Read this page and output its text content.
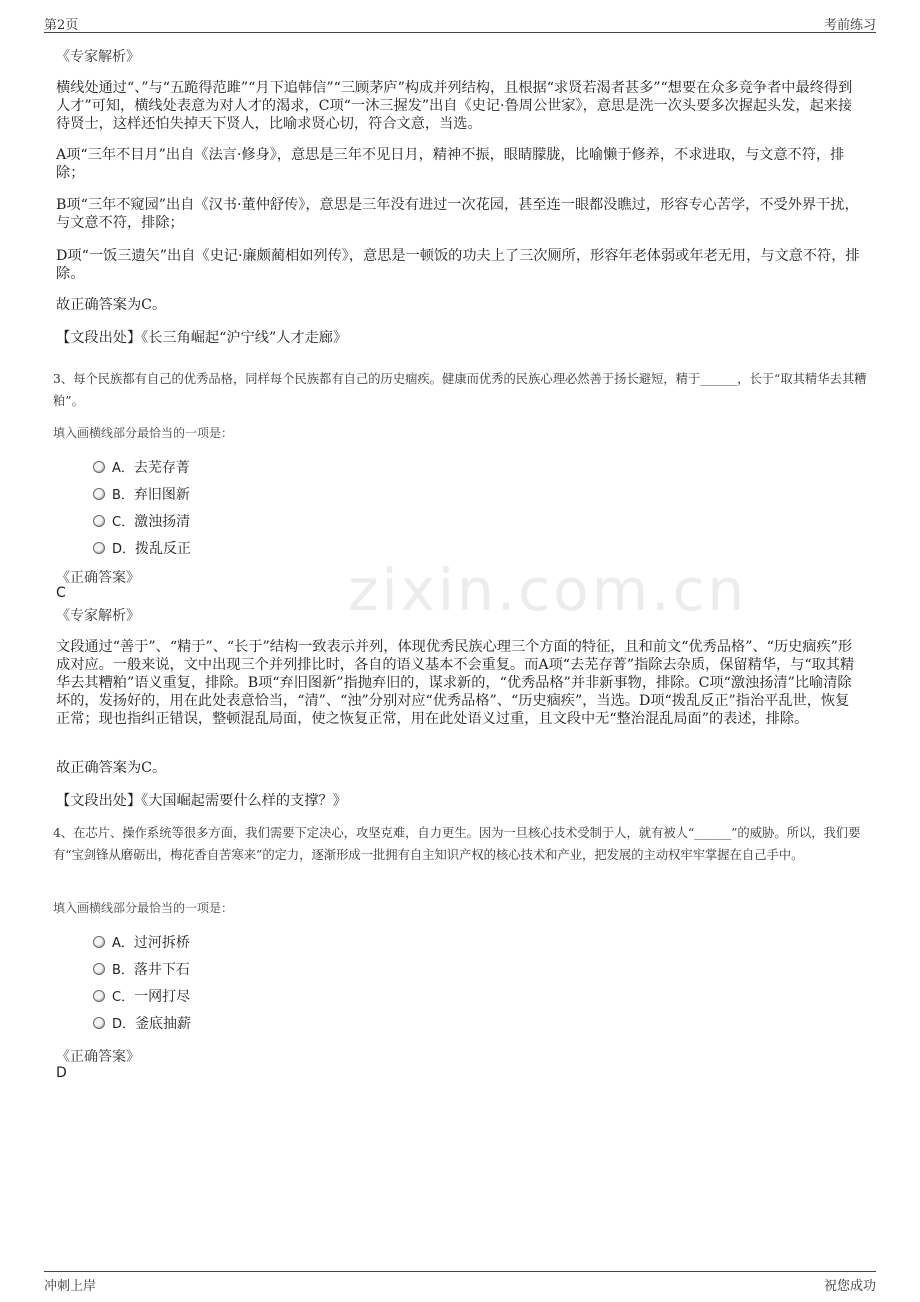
第2页	考前练习
zixin.com.cn

《专家解析》

横线处通过“、”与“五跪得范雎”“月下追韩信”“三顾茅庐”构成并列结构，且根据“求贤若渴者甚多”“想要在众多竞争者中最终得到人才”可知，横线处表意为对人才的渴求，C项“一沐三握发”出自《史记·鲁周公世家》，意思是洗一次头要多次握起头发，起来接待贤士，这样还怕失掉天下贤人，比喻求贤心切，符合文意，当选。

A项“三年不目月”出自《法言·修身》，意思是三年不见日月，精神不振，眼睛朦胧，比喻懒于修养，不求进取，与文意不符，排除；

B项“三年不窥园”出自《汉书·董仲舒传》，意思是三年没有进过一次花园，甚至连一眼都没瞧过，形容专心苦学，不受外界干扰，与文意不符，排除；

D项“一饭三遗矢”出自《史记·廉颇蔺相如列传》，意思是一顿饭的功夫上了三次厕所，形容年老体弱或年老无用，与文意不符，排除。

故正确答案为C。

【文段出处】《长三角崛起“沪宁线”人才走廊》

3、每个民族都有自己的优秀品格，同样每个民族都有自己的历史痼疾。健康而优秀的民族心理必然善于扬长避短，精于______，长于“取其精华去其糟粕”。

填入画横线部分最恰当的一项是：

A．去芜存菁
B．弃旧图新
C．激浊扬清
D．拨乱反正

《正确答案》

C

《专家解析》

文段通过“善于”、“精于”、“长于”结构一致表示并列，体现优秀民族心理三个方面的特征，且和前文“优秀品格”、“历史痼疾”形成对应。一般来说，文中出现三个并列排比时，各自的语义基本不会重复。而A项“去芜存菁”指除去杂质，保留精华，与“取其精华去其糟粕”语义重复，排除。B项“弃旧图新”指抛弃旧的，谋求新的，“优秀品格”并非新事物，排除。C项“激浊扬清”比喻清除坏的，发扬好的，用在此处表意恰当，“清”、“浊”分别对应“优秀品格”、“历史痼疾”，当选。D项“拨乱反正”指治平乱世，恢复正常；现也指纠正错误，整顿混乱局面，使之恢复正常，用在此处语义过重，且文段中无“整治混乱局面”的表述，排除。

故正确答案为C。

【文段出处】《大国崛起需要什么样的支撑？》

4、在芯片、操作系统等很多方面，我们需要下定决心，攻坚克难，自力更生。因为一旦核心技术受制于人，就有被人“______”的威胁。所以，我们要有“宝剑锋从磨砺出，梅花香自苦寒来”的定力，逐渐形成一批拥有自主知识产权的核心技术和产业，把发展的主动权牢牢掌握在自己手中。

填入画横线部分最恰当的一项是：

A．过河拆桥
B．落井下石
C．一网打尽
D．釜底抽薪

《正确答案》

D

冲刺上岸	祝您成功
